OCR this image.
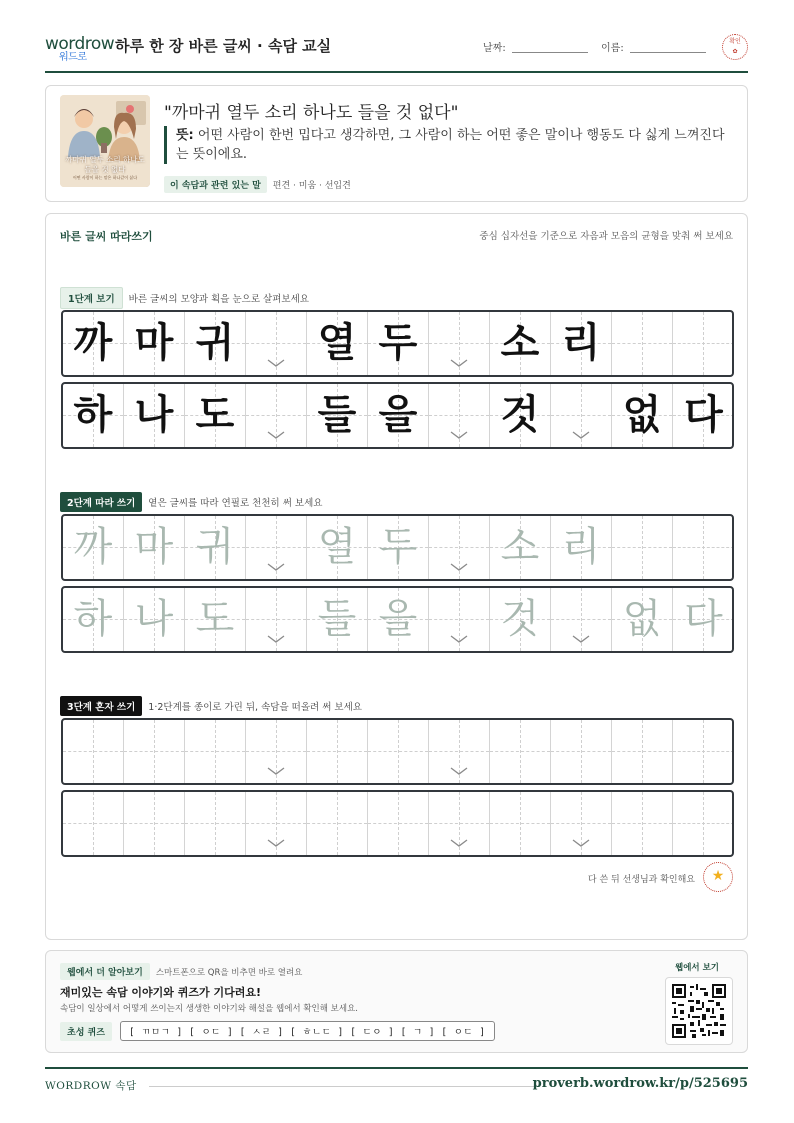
wordrow
워드로
하루 한 장 바른 글씨 · 속담 교실	날짜:	이름:
확인
✿
까마귀 열두 소리 하나도 들을 것 없다
어떤 사람이 하는 말은 하나같이 싫다
"까마귀 열두 소리 하나도 들을 것 없다"
뜻: 어떤 사람이 한번 밉다고 생각하면, 그 사람이 하는 어떤 좋은 말이나 행동도 다 싫게 느껴진다는 뜻이에요.
이 속담과 관련 있는 말 편견 · 미움 · 선입견
바른 글씨 따라쓰기	중심 십자선을 기준으로 자음과 모음의 균형을 맞춰 써 보세요
1단계 보기 바른 글씨의 모양과 획을 눈으로 살펴보세요
까 마 귀 열 두 소 리
하 나 도 들 을 것 없 다
2단계 따라 쓰기 옅은 글씨를 따라 연필로 천천히 써 보세요
까 마 귀 열 두 소 리
하 나 도 들 을 것 없 다
3단계 혼자 쓰기 1·2단계를 종이로 가린 뒤, 속담을 떠올려 써 보세요
다 쓴 뒤 선생님과 확인해요	★
웹에서 더 알아보기 스마트폰으로 QR을 비추면 바로 열려요
재미있는 속담 이야기와 퀴즈가 기다려요!
속담이 일상에서 어떻게 쓰이는지 생생한 이야기와 해설을 웹에서 확인해 보세요.
초성 퀴즈	[ ㄲㅁㄱ ] [ ㅇㄷ ] [ ㅅㄹ ] [ ㅎㄴㄷ ] [ ㄷㅇ ] [ ㄱ ] [ ㅇㄷ ]
웹에서 보기
WORDROW 속담	proverb.wordrow.kr/p/525695
